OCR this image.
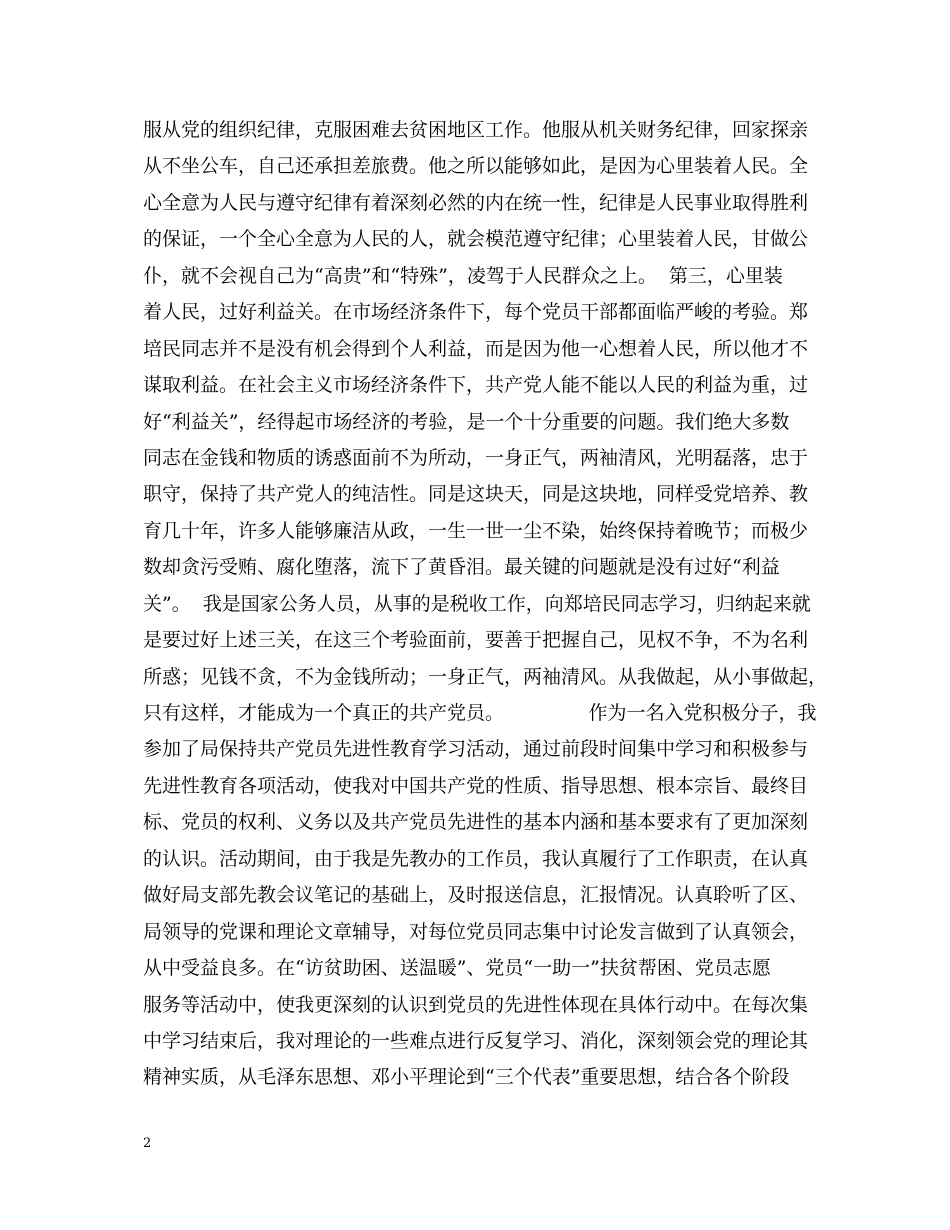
服从党的组织纪律，克服困难去贫困地区工作。他服从机关财务纪律，回家探亲
从不坐公车，自己还承担差旅费。他之所以能够如此，是因为心里装着人民。全
心全意为人民与遵守纪律有着深刻必然的内在统一性，纪律是人民事业取得胜利
的保证，一个全心全意为人民的人，就会模范遵守纪律；心里装着人民，甘做公
仆，就不会视自己为“高贵”和“特殊”，凌驾于人民群众之上。  第三，心里装
着人民，过好利益关。在市场经济条件下，每个党员干部都面临严峻的考验。郑
培民同志并不是没有机会得到个人利益，而是因为他一心想着人民，所以他才不
谋取利益。在社会主义市场经济条件下，共产党人能不能以人民的利益为重，过
好“利益关”，经得起市场经济的考验，是一个十分重要的问题。我们绝大多数
同志在金钱和物质的诱惑面前不为所动，一身正气，两袖清风，光明磊落，忠于
职守，保持了共产党人的纯洁性。同是这块天，同是这块地，同样受党培养、教
育几十年，许多人能够廉洁从政，一生一世一尘不染，始终保持着晚节；而极少
数却贪污受贿、腐化堕落，流下了黄昏泪。最关键的问题就是没有过好“利益
关”。  我是国家公务人员，从事的是税收工作，向郑培民同志学习，归纳起来就
是要过好上述三关，在这三个考验面前，要善于把握自己，见权不争，不为名利
所惑；见钱不贪，不为金钱所动；一身正气，两袖清风。从我做起，从小事做起，
只有这样，才能成为一个真正的共产党员。              作为一名入党积极分子，我
参加了局保持共产党员先进性教育学习活动，通过前段时间集中学习和积极参与
先进性教育各项活动，使我对中国共产党的性质、指导思想、根本宗旨、最终目
标、党员的权利、义务以及共产党员先进性的基本内涵和基本要求有了更加深刻
的认识。活动期间，由于我是先教办的工作员，我认真履行了工作职责，在认真
做好局支部先教会议笔记的基础上，及时报送信息，汇报情况。认真聆听了区、
局领导的党课和理论文章辅导，对每位党员同志集中讨论发言做到了认真领会，
从中受益良多。在“访贫助困、送温暖”、党员“一助一”扶贫帮困、党员志愿
服务等活动中，使我更深刻的认识到党员的先进性体现在具体行动中。在每次集
中学习结束后，我对理论的一些难点进行反复学习、消化，深刻领会党的理论其
精神实质，从毛泽东思想、邓小平理论到“三个代表”重要思想，结合各个阶段
2
